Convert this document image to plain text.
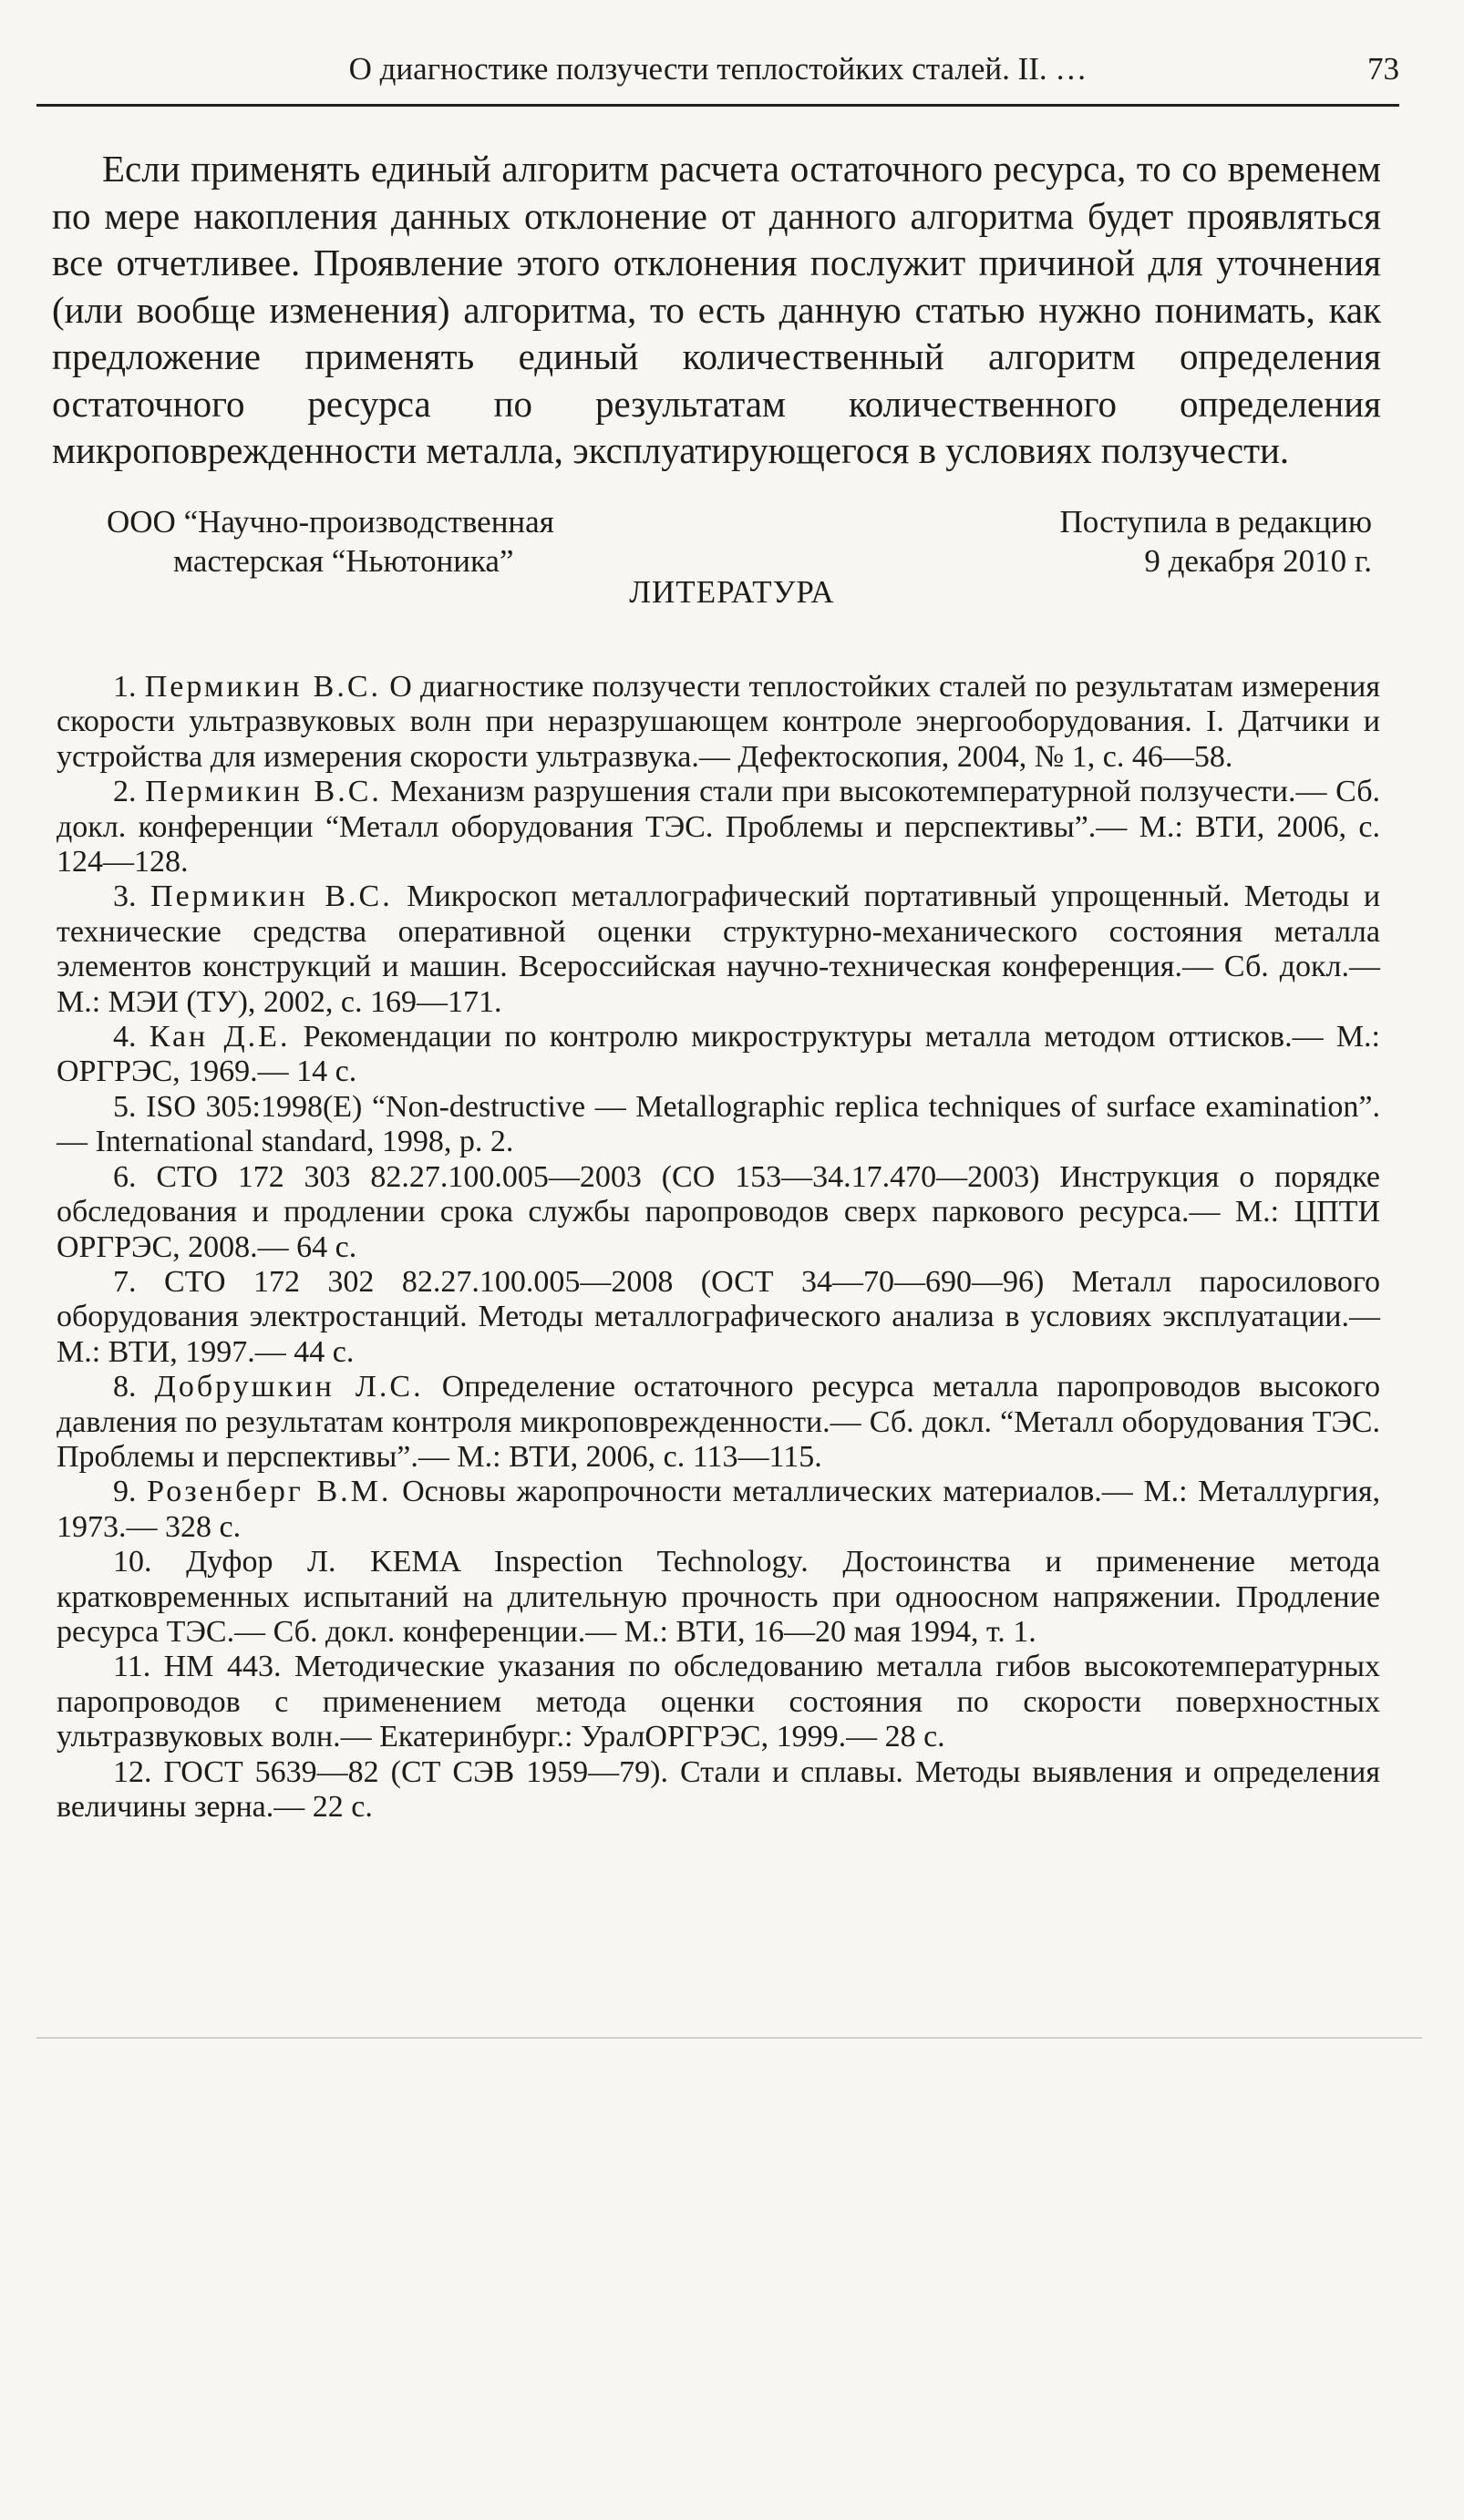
О диагностике ползучести теплостойких сталей. II. …	73

Если применять единый алгоритм расчета остаточного ресурса, то со временем по мере накопления данных отклонение от данного алгоритма будет проявляться все отчетливее. Проявление этого отклонения послужит причиной для уточнения (или вообще изменения) алгоритма, то есть данную статью нужно понимать, как предложение применять единый количественный алгоритм определения остаточного ресурса по результатам количественного определения микроповрежденности металла, эксплуатирующегося в условиях ползучести.

ООО “Научно-производственная
мастерская “Ньютоника”
Поступила в редакцию
9 декабря 2010 г.
ЛИТЕРАТУРА
1. Пермикин В.С. О диагностике ползучести теплостойких сталей по результатам измерения скорости ультразвуковых волн при неразрушающем контроле энергооборудования. I. Датчики и устройства для измерения скорости ультразвука.— Дефектоскопия, 2004, № 1, с. 46—58.
2. Пермикин В.С. Механизм разрушения стали при высокотемпературной ползучести.— Сб. докл. конференции “Металл оборудования ТЭС. Проблемы и перспективы”.— М.: ВТИ, 2006, с. 124—128.
3. Пермикин В.С. Микроскоп металлографический портативный упрощенный. Методы и технические средства оперативной оценки структурно-механического состояния металла элементов конструкций и машин. Всероссийская научно-техническая конференция.— Сб. докл.— М.: МЭИ (ТУ), 2002, с. 169—171.
4. Кан Д.Е. Рекомендации по контролю микроструктуры металла методом оттисков.— М.: ОРГРЭС, 1969.— 14 с.
5. ISO 305:1998(E) “Non-destructive — Metallographic replica techniques of surface examination”.— International standard, 1998, p. 2.
6. СТО 172 303 82.27.100.005—2003 (СО 153—34.17.470—2003) Инструкция о порядке обследования и продлении срока службы паропроводов сверх паркового ресурса.— М.: ЦПТИ ОРГРЭС, 2008.— 64 с.
7. СТО 172 302 82.27.100.005—2008 (ОСТ 34—70—690—96) Металл паросилового оборудования электростанций. Методы металлографического анализа в условиях эксплуатации.— М.: ВТИ, 1997.— 44 с.
8. Добрушкин Л.С. Определение остаточного ресурса металла паропроводов высокого давления по результатам контроля микроповрежденности.— Сб. докл. “Металл оборудования ТЭС. Проблемы и перспективы”.— М.: ВТИ, 2006, с. 113—115.
9. Розенберг В.М. Основы жаропрочности металлических материалов.— М.: Металлургия, 1973.— 328 с.
10. Дуфор Л. KEMA Inspection Technology. Достоинства и применение метода кратковременных испытаний на длительную прочность при одноосном напряжении. Продление ресурса ТЭС.— Сб. докл. конференции.— М.: ВТИ, 16—20 мая 1994, т. 1.
11. НМ 443. Методические указания по обследованию металла гибов высокотемпературных паропроводов с применением метода оценки состояния по скорости поверхностных ультразвуковых волн.— Екатеринбург.: УралОРГРЭС, 1999.— 28 с.
12. ГОСТ 5639—82 (СТ СЭВ 1959—79). Стали и сплавы. Методы выявления и определения величины зерна.— 22 с.
